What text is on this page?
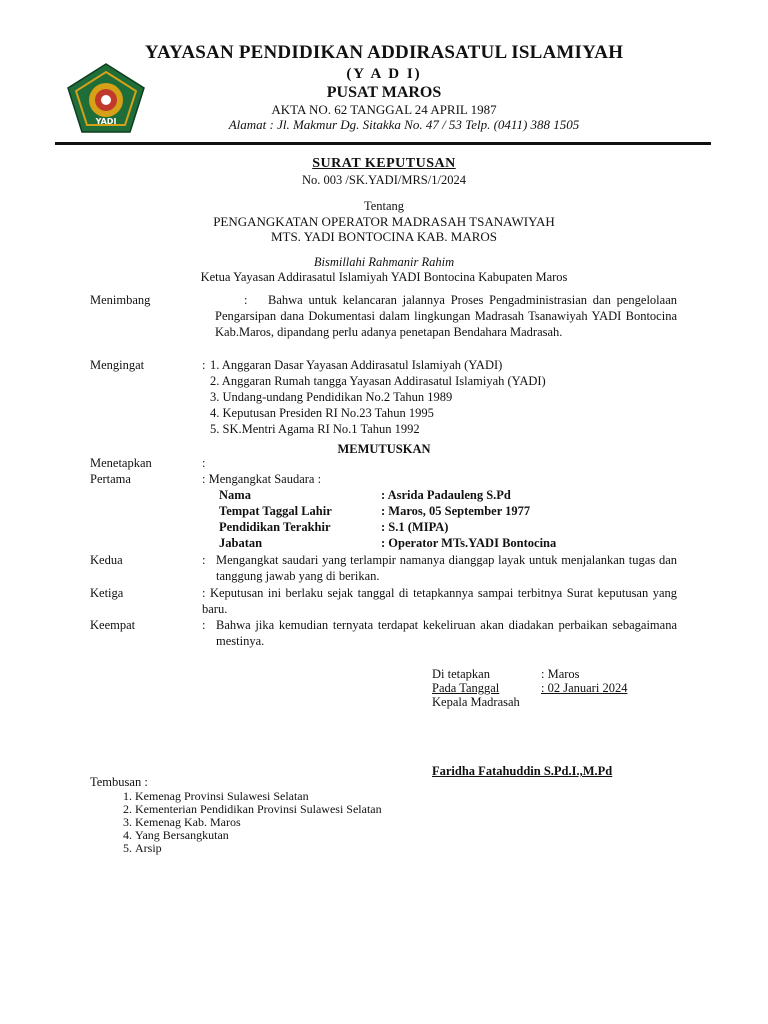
YADI
YAYASAN PENDIDIKAN ADDIRASATUL ISLAMIYAH
(Y A D I)
PUSAT MAROS
AKTA NO. 62 TANGGAL 24 APRIL 1987
Alamat : Jl. Makmur Dg. Sitakka No. 47 / 53 Telp. (0411) 388 1505
SURAT KEPUTUSAN
No. 003 /SK.YADI/MRS/1/2024
Tentang
PENGANGKATAN OPERATOR MADRASAH TSANAWIYAH
MTS. YADI BONTOCINA KAB. MAROS
Bismillahi Rahmanir Rahim
Ketua Yayasan Addirasatul Islamiyah YADI Bontocina Kabupaten Maros
Menimbang	:	Bahwa untuk kelancaran jalannya Proses Pengadministrasian dan pengelolaan Pengarsipan dana Dokumentasi dalam lingkungan Madrasah Tsanawiyah YADI Bontocina Kab.Maros, dipandang perlu adanya penetapan Bendahara Madrasah.
Mengingat	: 1. Anggaran Dasar Yayasan Addirasatul Islamiyah (YADI)
2. Anggaran Rumah tangga Yayasan Addirasatul Islamiyah (YADI)
3. Undang-undang Pendidikan No.2 Tahun 1989
4. Keputusan Presiden RI No.23 Tahun 1995
5. SK.Mentri Agama RI No.1 Tahun 1992
MEMUTUSKAN
Menetapkan	:
Pertama	: Mengangkat Saudara :
Nama	: Asrida Padauleng S.Pd
Tempat Taggal Lahir	: Maros, 05 September 1977
Pendidikan Terakhir	: S.1 (MIPA)
Jabatan	: Operator MTs.YADI Bontocina
Kedua	: Mengangkat saudari yang terlampir namanya dianggap layak untuk menjalankan tugas dan tanggung jawab yang di berikan.
Ketiga	: Keputusan ini berlaku sejak tanggal di tetapkannya sampai terbitnya Surat keputusan yang baru.
Keempat	: Bahwa jika kemudian ternyata terdapat kekeliruan akan diadakan perbaikan sebagaimana mestinya.
Di tetapkan	: Maros
Pada Tanggal	: 02 Januari 2024
Kepala Madrasah
Faridha Fatahuddin S.Pd.I.,M.Pd
Tembusan :
1. Kemenag Provinsi Sulawesi Selatan
2. Kementerian Pendidikan Provinsi Sulawesi Selatan
3. Kemenag Kab. Maros
4. Yang Bersangkutan
5. Arsip
